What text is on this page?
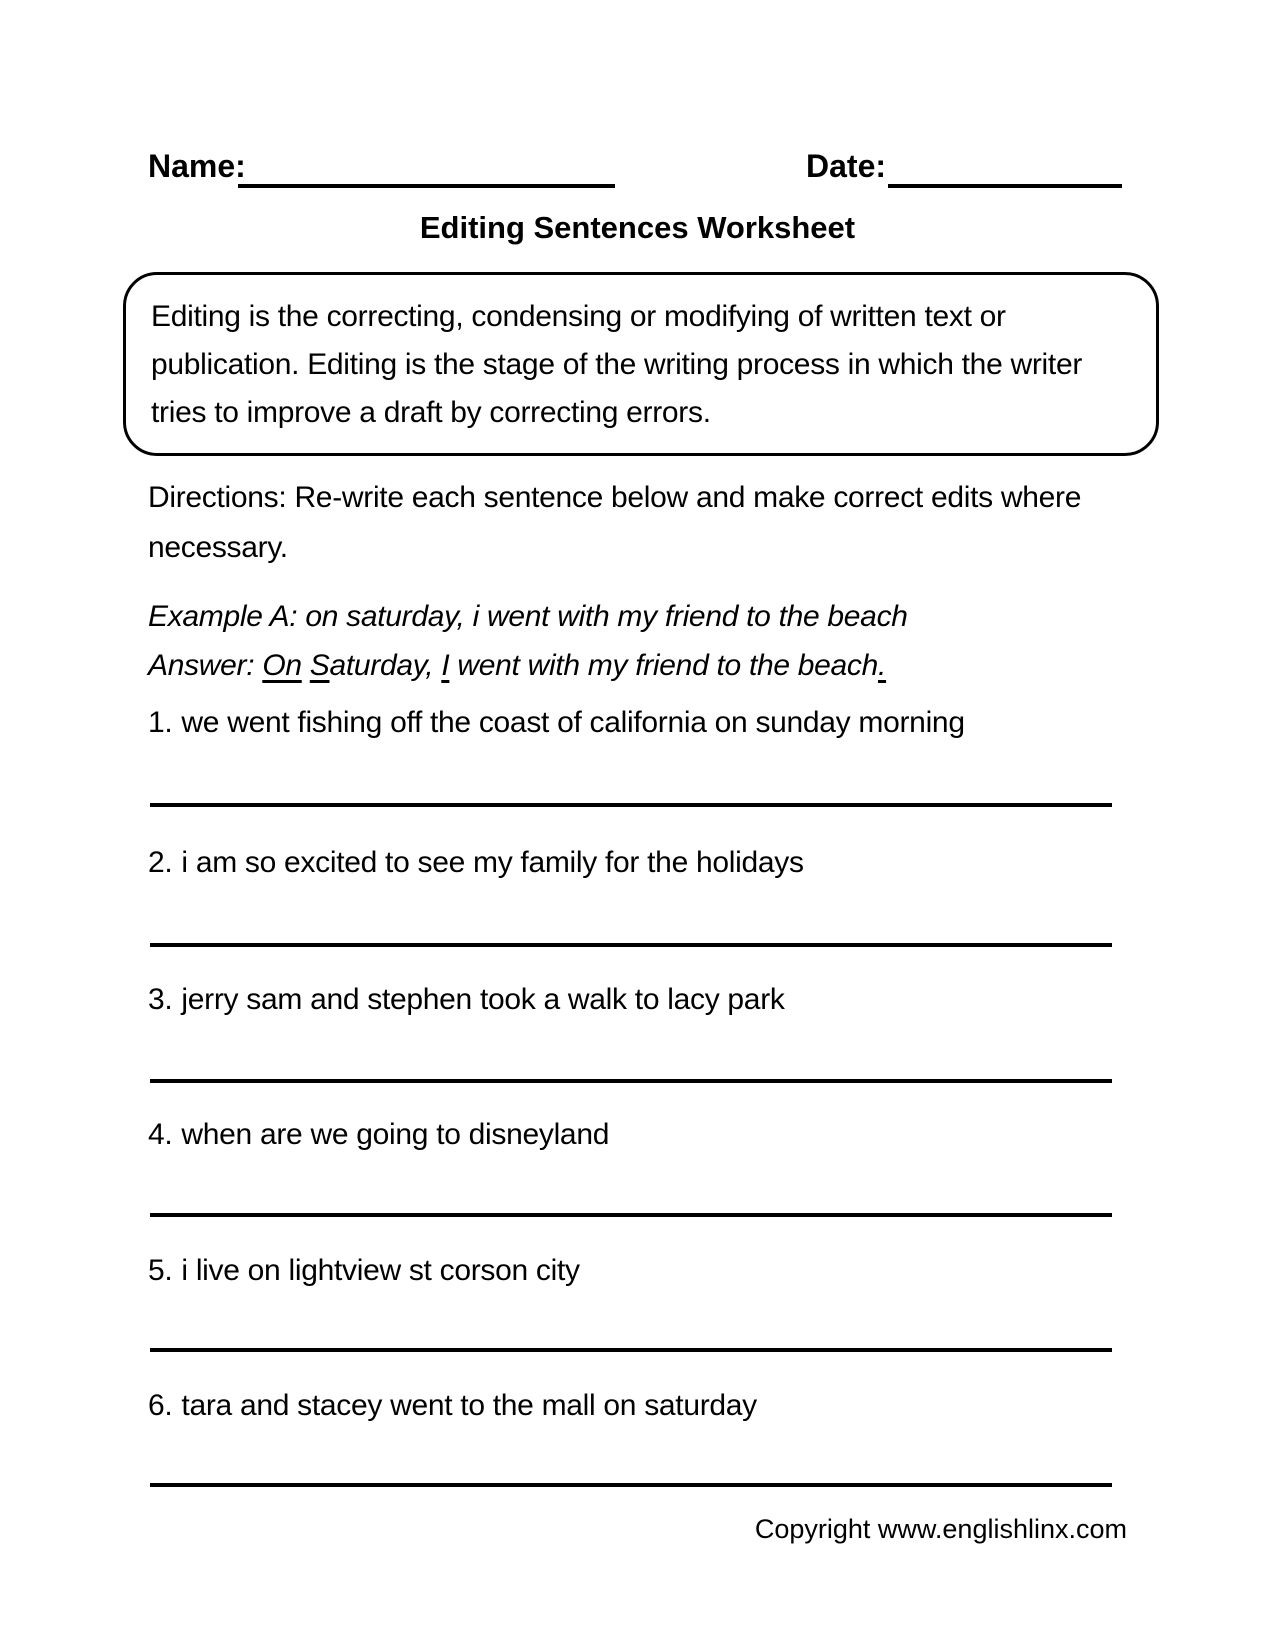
Name:	Date:
Editing Sentences Worksheet
Editing is the correcting, condensing or modifying of written text or publication. Editing is the stage of the writing process in which the writer tries to improve a draft by correcting errors.
Directions: Re-write each sentence below and make correct edits where necessary.
Example A: on saturday, i went with my friend to the beach
Answer: On Saturday, I went with my friend to the beach.
1. we went fishing off the coast of california on sunday morning
2. i am so excited to see my family for the holidays
3. jerry sam and stephen took a walk to lacy park
4. when are we going to disneyland
5. i live on lightview st corson city
6. tara and stacey went to the mall on saturday
Copyright www.englishlinx.com
